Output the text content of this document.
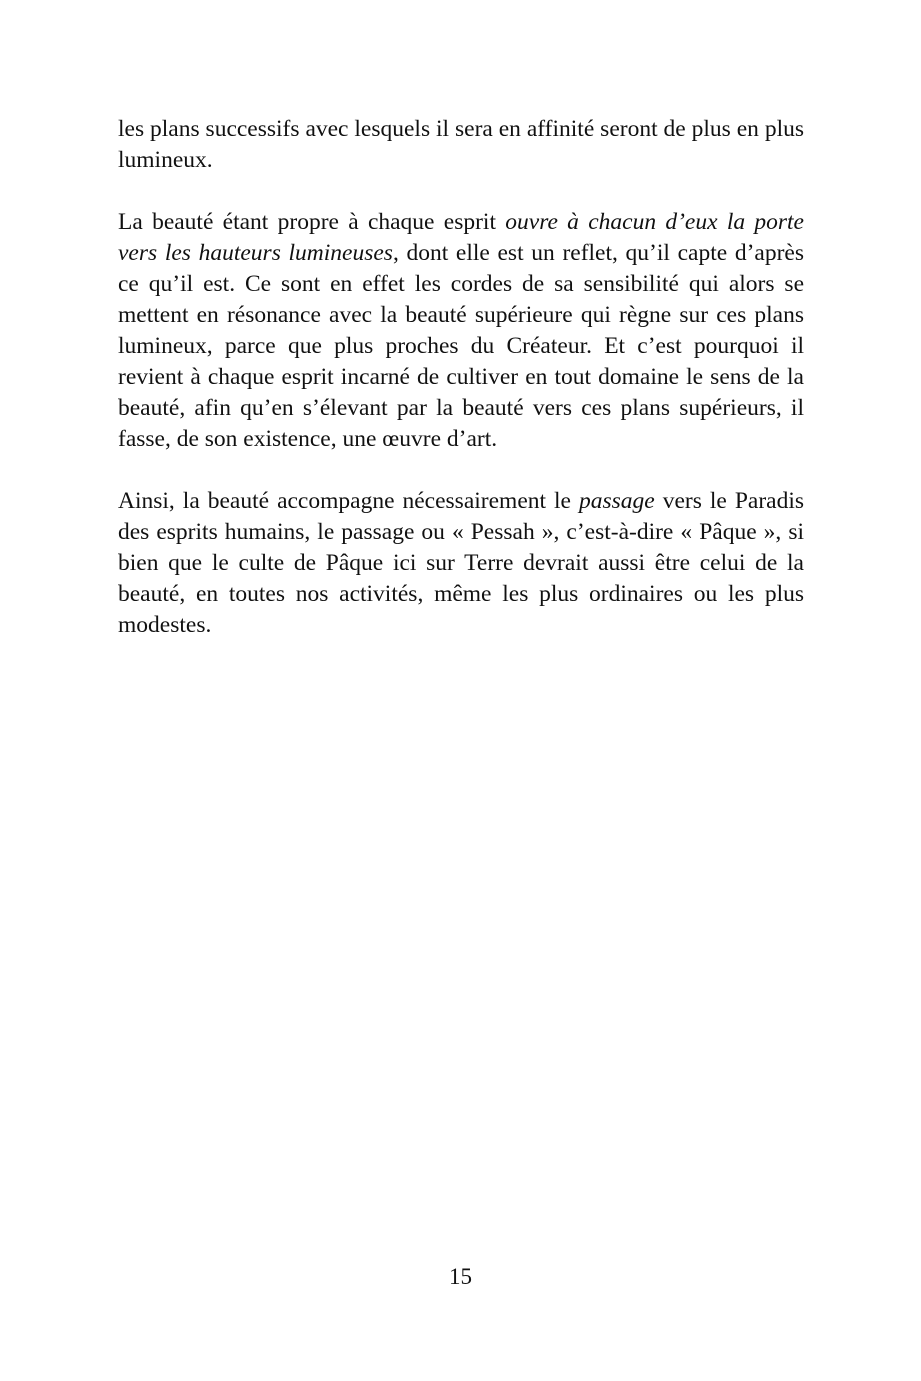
les plans successifs avec lesquels il sera en affinité seront de plus en plus lumineux.

La beauté étant propre à chaque esprit ouvre à chacun d’eux la porte vers les hauteurs lumineuses, dont elle est un reflet, qu’il capte d’après ce qu’il est. Ce sont en effet les cordes de sa sensibilité qui alors se mettent en résonance avec la beauté supérieure qui règne sur ces plans lumineux, parce que plus proches du Créateur. Et c’est pourquoi il revient à chaque esprit incarné de cultiver en tout domaine le sens de la beauté, afin qu’en s’élevant par la beauté vers ces plans supérieurs, il fasse, de son existence, une œuvre d’art.

Ainsi, la beauté accompagne nécessairement le passage vers le Paradis des esprits humains, le passage ou « Pessah », c’est-à-dire « Pâque », si bien que le culte de Pâque ici sur Terre devrait aussi être celui de la beauté, en toutes nos activités, même les plus ordinaires ou les plus modestes.

15
